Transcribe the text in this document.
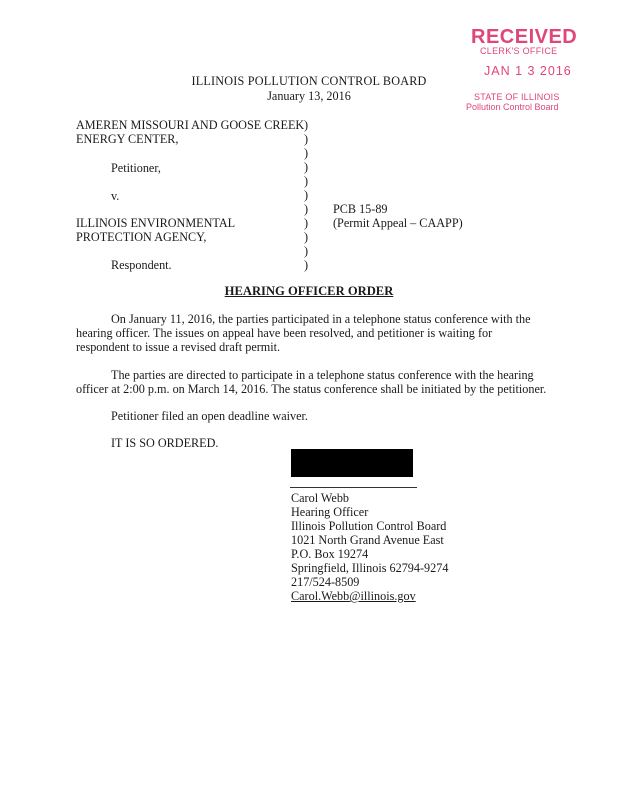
RECEIVED
CLERK'S OFFICE
JAN 1 3 2016
STATE OF ILLINOIS
Pollution Control Board
ILLINOIS POLLUTION CONTROL BOARD
January 13, 2016
AMEREN MISSOURI AND GOOSE CREEK
ENERGY CENTER,
Petitioner,
v.
ILLINOIS ENVIRONMENTAL
PROTECTION AGENCY,
Respondent.
)
)
)
)
)
)
)
)
)
)
)
PCB 15-89
(Permit Appeal – CAAPP)
HEARING OFFICER ORDER
On January 11, 2016, the parties participated in a telephone status conference with the
hearing officer. The issues on appeal have been resolved, and petitioner is waiting for
respondent to issue a revised draft permit.
The parties are directed to participate in a telephone status conference with the hearing
officer at 2:00 p.m. on March 14, 2016. The status conference shall be initiated by the petitioner.
Petitioner filed an open deadline waiver.
IT IS SO ORDERED.
Carol Webb
Hearing Officer
Illinois Pollution Control Board
1021 North Grand Avenue East
P.O. Box 19274
Springfield, Illinois 62794-9274
217/524-8509
Carol.Webb@illinois.gov
